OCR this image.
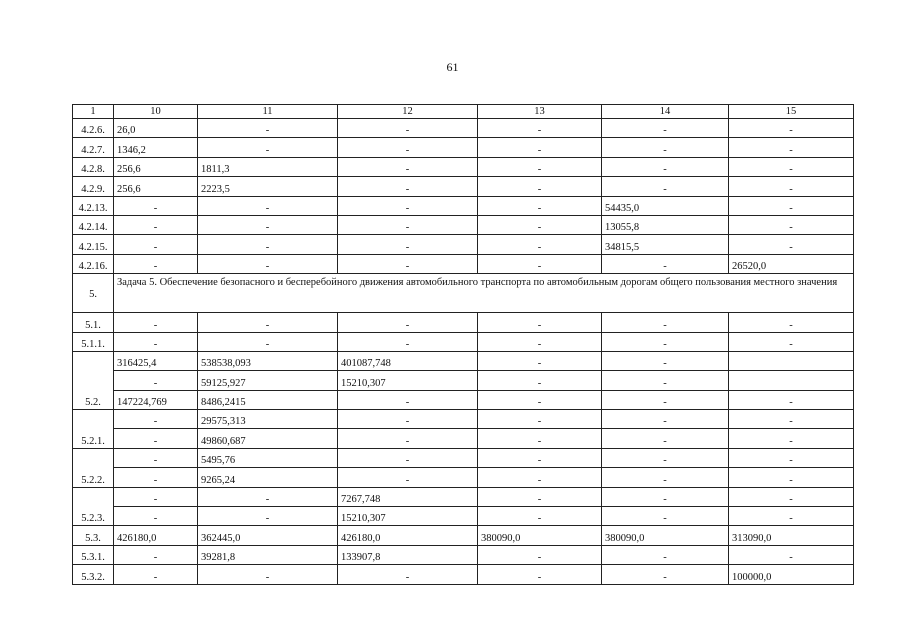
61
1	10	11	12	13	14	15
4.2.6.	26,0	-	-	-	-	-
4.2.7.	1346,2	-	-	-	-	-
4.2.8.	256,6	1811,3	-	-	-	-
4.2.9.	256,6	2223,5	-	-	-	-
4.2.13.	-	-	-	-	54435,0	-
4.2.14.	-	-	-	-	13055,8	-
4.2.15.	-	-	-	-	34815,5	-
4.2.16.	-	-	-	-	-	26520,0
5.	Задача 5. Обеспечение безопасного и бесперебойного движения автомобильного транспорта по автомобильным дорогам общего пользования местного значения					
5.1.	-	-	-	-	-	-
5.1.1.	-	-	-	-	-	-
5.2.	316425,4	538538,093	401087,748	-	-	
	-	59125,927	15210,307	-	-	
	147224,769	8486,2415	-	-	-	-
5.2.1.	-	29575,313	-	-	-	-
	-	49860,687	-	-	-	-
5.2.2.	-	5495,76	-	-	-	-
	-	9265,24	-	-	-	-
5.2.3.	-	-	7267,748	-	-	-
	-	-	15210,307	-	-	-
5.3.	426180,0	362445,0	426180,0	380090,0	380090,0	313090,0
5.3.1.	-	39281,8	133907,8	-	-	-
5.3.2.	-	-	-	-	-	100000,0
